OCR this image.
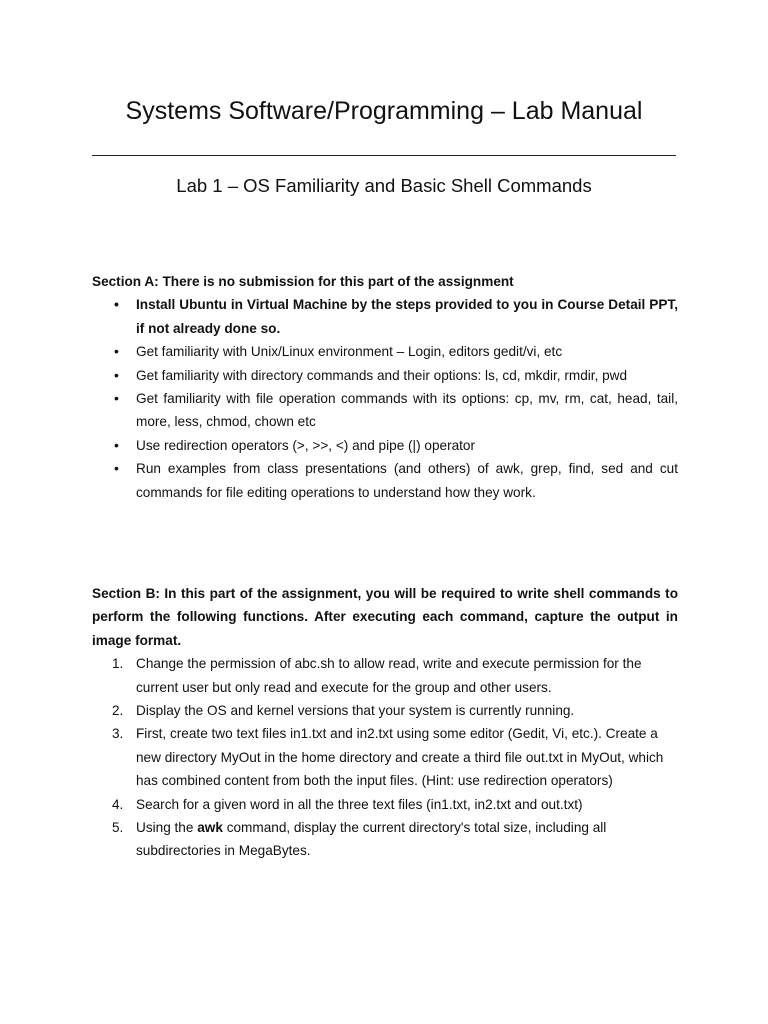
Systems Software/Programming – Lab Manual
Lab 1 – OS Familiarity and Basic Shell Commands
Section A: There is no submission for this part of the assignment
• Install Ubuntu in Virtual Machine by the steps provided to you in Course Detail PPT, if not already done so.
• Get familiarity with Unix/Linux environment – Login, editors gedit/vi, etc
• Get familiarity with directory commands and their options: ls, cd, mkdir, rmdir, pwd
• Get familiarity with file operation commands with its options: cp, mv, rm, cat, head, tail, more, less, chmod, chown etc
• Use redirection operators (>, >>, <) and pipe (|) operator
• Run examples from class presentations (and others) of awk, grep, find, sed and cut commands for file editing operations to understand how they work.
Section B: In this part of the assignment, you will be required to write shell commands to perform the following functions. After executing each command, capture the output in image format.
1. Change the permission of abc.sh to allow read, write and execute permission for the current user but only read and execute for the group and other users.
2. Display the OS and kernel versions that your system is currently running.
3. First, create two text files in1.txt and in2.txt using some editor (Gedit, Vi, etc.). Create a new directory MyOut in the home directory and create a third file out.txt in MyOut, which has combined content from both the input files. (Hint: use redirection operators)
4. Search for a given word in all the three text files (in1.txt, in2.txt and out.txt)
5. Using the awk command, display the current directory's total size, including all subdirectories in MegaBytes.
